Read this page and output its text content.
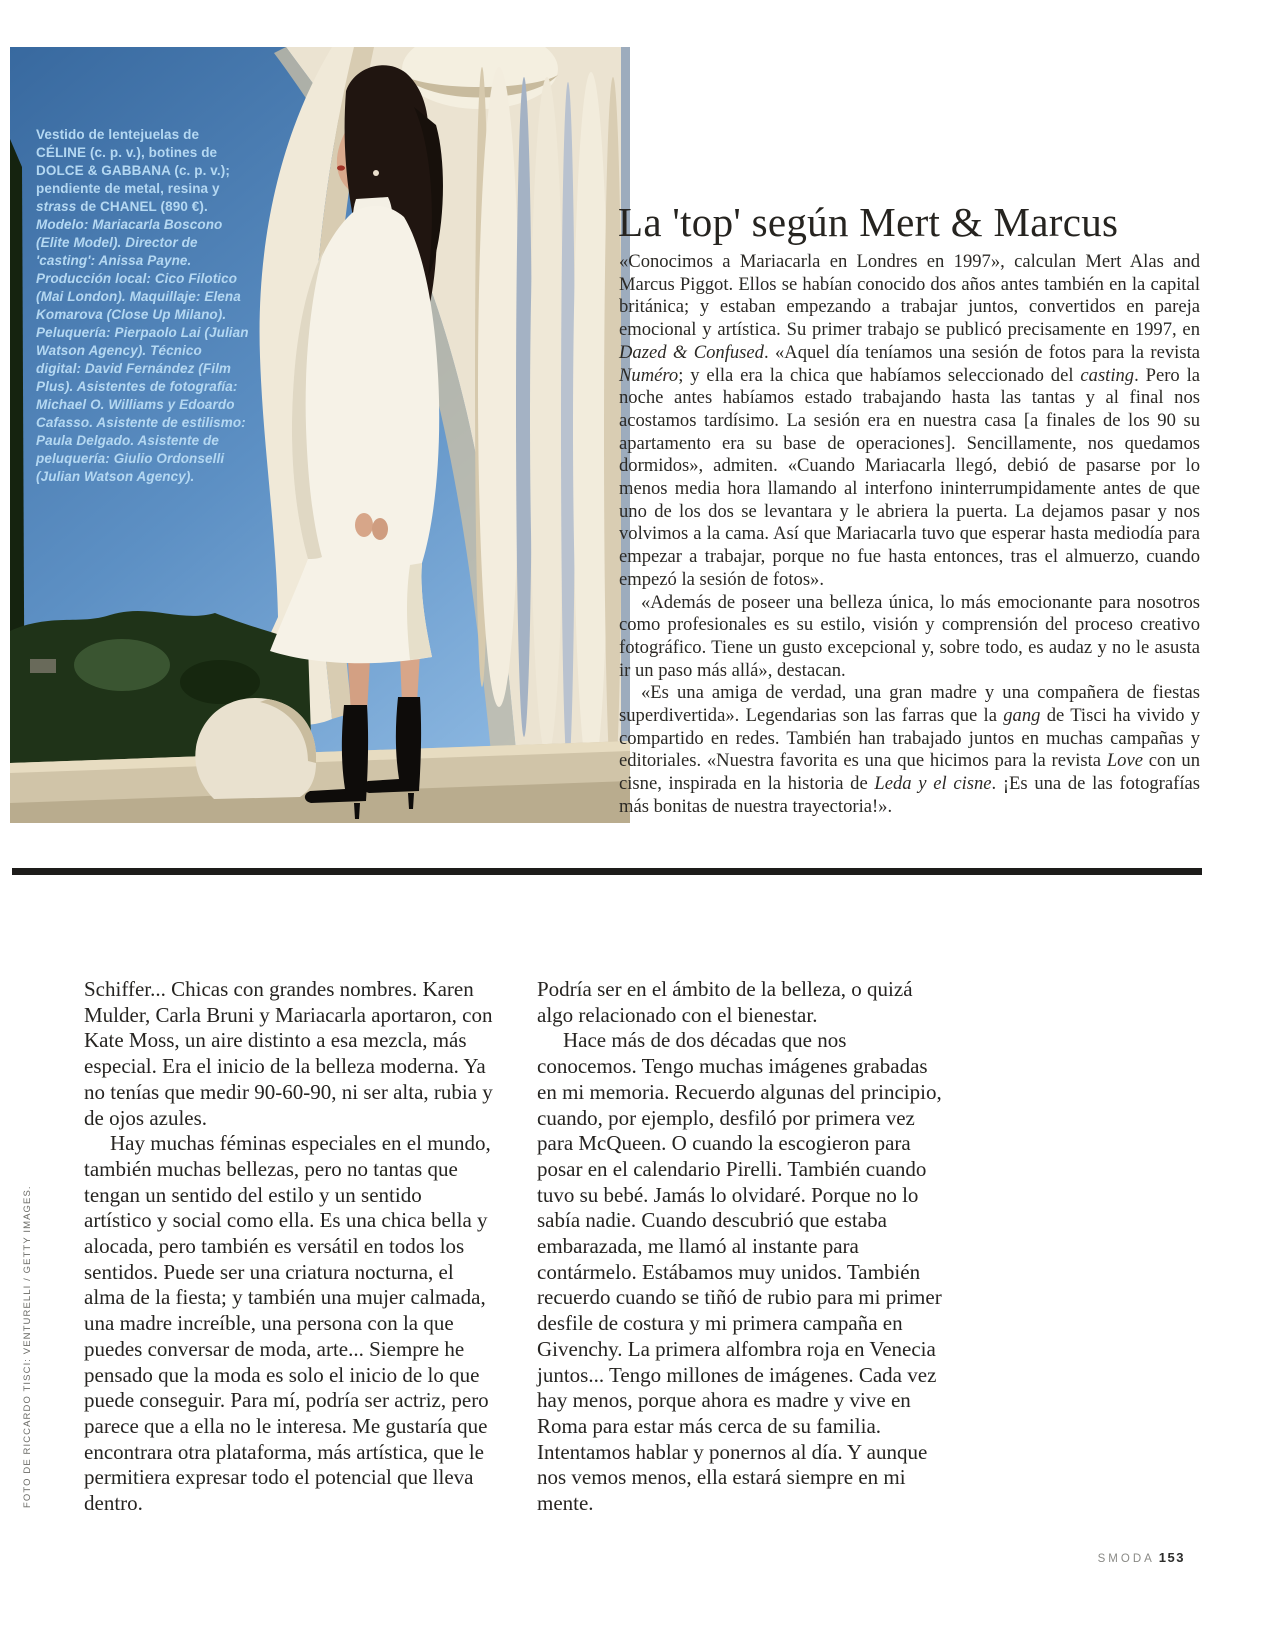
Vestido de lentejuelas de CÉLINE (c. p. v.), botines de DOLCE & GABBANA (c. p. v.); pendiente de metal, resina y strass de CHANEL (890 €). Modelo: Mariacarla Boscono (Elite Model). Director de 'casting': Anissa Payne. Producción local: Cico Filotico (Mai London). Maquillaje: Elena Komarova (Close Up Milano). Peluquería: Pierpaolo Lai (Julian Watson Agency). Técnico digital: David Fernández (Film Plus). Asistentes de fotografía: Michael O. Williams y Edoardo Cafasso. Asistente de estilismo: Paula Delgado. Asistente de peluquería: Giulio Ordonselli (Julian Watson Agency).
La 'top' según Mert & Marcus

«Conocimos a Mariacarla en Londres en 1997», calculan Mert Alas and Marcus Piggot. Ellos se habían conocido dos años antes también en la capital británica; y estaban empezando a trabajar juntos, convertidos en pareja emocional y artística. Su primer trabajo se publicó precisamente en 1997, en Dazed & Confused. «Aquel día teníamos una sesión de fotos para la revista Numéro; y ella era la chica que habíamos seleccionado del casting. Pero la noche antes habíamos estado trabajando hasta las tantas y al final nos acostamos tardísimo. La sesión era en nuestra casa [a finales de los 90 su apartamento era su base de operaciones]. Sencillamente, nos quedamos dormidos», admiten. «Cuando Mariacarla llegó, debió de pasarse por lo menos media hora llamando al interfono ininterrumpidamente antes de que uno de los dos se levantara y le abriera la puerta. La dejamos pasar y nos volvimos a la cama. Así que Mariacarla tuvo que esperar hasta mediodía para empezar a trabajar, porque no fue hasta entonces, tras el almuerzo, cuando empezó la sesión de fotos».

«Además de poseer una belleza única, lo más emocionante para nosotros como profesionales es su estilo, visión y comprensión del proceso creativo fotográfico. Tiene un gusto excepcional y, sobre todo, es audaz y no le asusta ir un paso más allá», destacan.

«Es una amiga de verdad, una gran madre y una compañera de fiestas superdivertida». Legendarias son las farras que la gang de Tisci ha vivido y compartido en redes. También han trabajado juntos en muchas campañas y editoriales. «Nuestra favorita es una que hicimos para la revista Love con un cisne, inspirada en la historia de Leda y el cisne. ¡Es una de las fotografías más bonitas de nuestra trayectoria!».

Schiffer... Chicas con grandes nombres. Karen Mulder, Carla Bruni y Mariacarla aportaron, con Kate Moss, un aire distinto a esa mezcla, más especial. Era el inicio de la belleza moderna. Ya no tenías que medir 90-60-90, ni ser alta, rubia y de ojos azules.

Hay muchas féminas especiales en el mundo, también muchas bellezas, pero no tantas que tengan un sentido del estilo y un sentido artístico y social como ella. Es una chica bella y alocada, pero también es versátil en todos los sentidos. Puede ser una criatura nocturna, el alma de la fiesta; y también una mujer calmada, una madre increíble, una persona con la que puedes conversar de moda, arte... Siempre he pensado que la moda es solo el inicio de lo que puede conseguir. Para mí, podría ser actriz, pero parece que a ella no le interesa. Me gustaría que encontrara otra plataforma, más artística, que le permitiera expresar todo el potencial que lleva dentro.

Podría ser en el ámbito de la belleza, o quizá algo relacionado con el bienestar.

Hace más de dos décadas que nos conocemos. Tengo muchas imágenes grabadas en mi memoria. Recuerdo algunas del principio, cuando, por ejemplo, desfiló por primera vez para McQueen. O cuando la escogieron para posar en el calendario Pirelli. También cuando tuvo su bebé. Jamás lo olvidaré. Porque no lo sabía nadie. Cuando descubrió que estaba embarazada, me llamó al instante para contármelo. Estábamos muy unidos. También recuerdo cuando se tiñó de rubio para mi primer desfile de costura y mi primera campaña en Givenchy. La primera alfombra roja en Venecia juntos... Tengo millones de imágenes. Cada vez hay menos, porque ahora es madre y vive en Roma para estar más cerca de su familia. Intentamos hablar y ponernos al día. Y aunque nos vemos menos, ella estará siempre en mi mente.

FOTO DE RICCARDO TISCI: VENTURELLI / GETTY IMAGES.
SMODA 153
